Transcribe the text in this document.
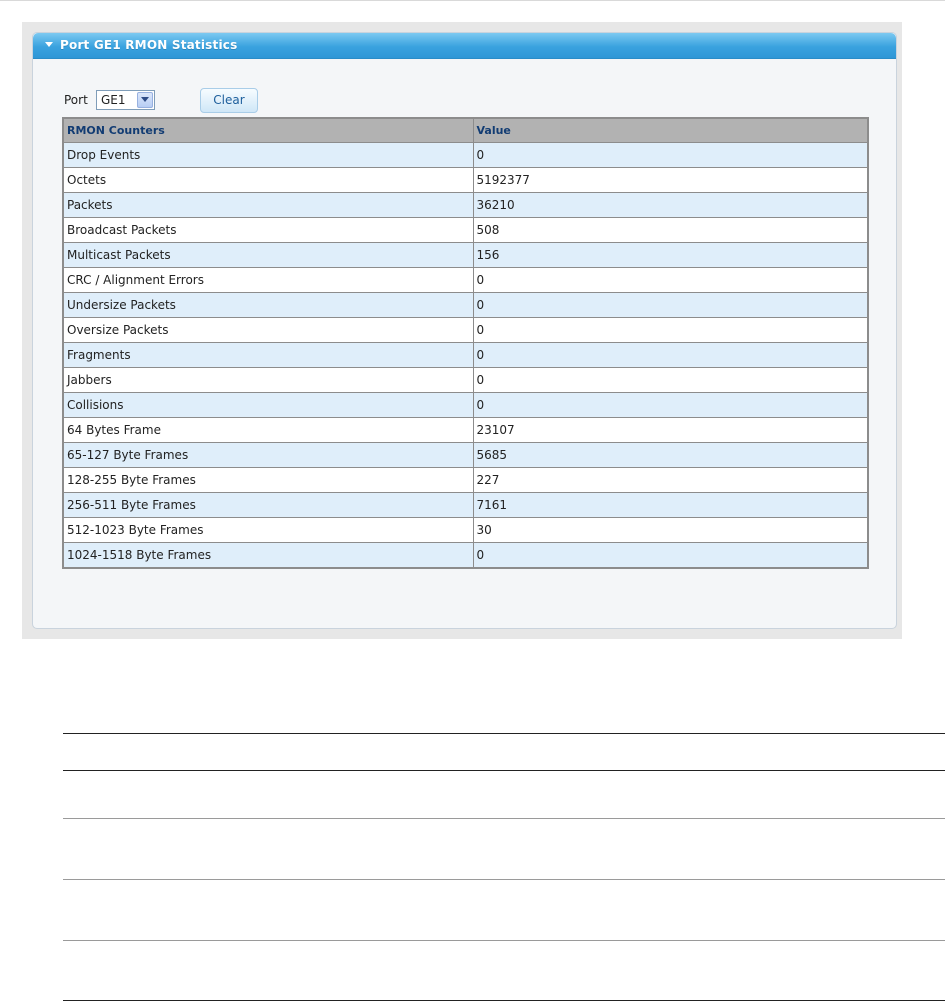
Port GE1 RMON Statistics
Port GE1	Clear
RMON Counters	Value
Drop Events	0
Octets	5192377
Packets	36210
Broadcast Packets	508
Multicast Packets	156
CRC / Alignment Errors	0
Undersize Packets	0
Oversize Packets	0
Fragments	0
Jabbers	0
Collisions	0
64 Bytes Frame	23107
65-127 Byte Frames	5685
128-255 Byte Frames	227
256-511 Byte Frames	7161
512-1023 Byte Frames	30
1024-1518 Byte Frames	0
